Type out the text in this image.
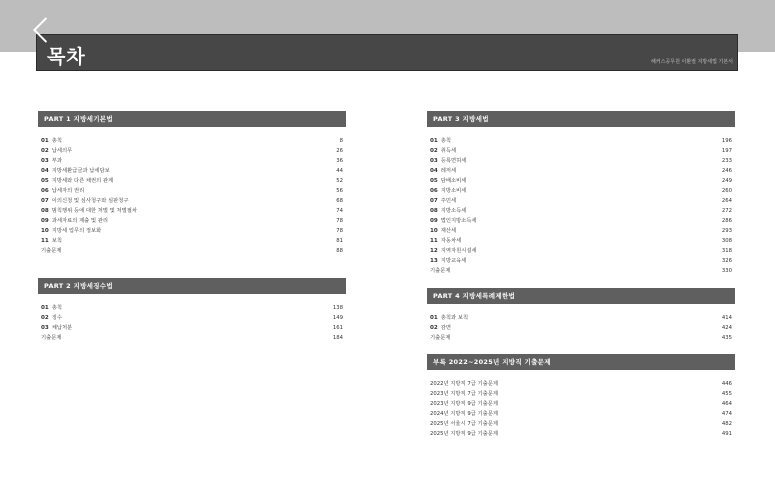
목차	해커스공무원 이환절 지방세법 기본서
PART 1 지방세기본법
01 총칙	8
02 납세의무	26
03 부과	36
04 지방세환급금과 납세담보	44
05 지방세와 다른 채권의 관계	52
06 납세자의 권리	56
07 이의신청 및 심사청구와 심판청구	68
08 범칙행위 등에 대한 처벌 및 처벌절차	74
09 과세자료의 제출 및 관리	78
10 지방세 업무의 정보화	78
11 보칙	81
기출문제	88
PART 2 지방세징수법
01 총칙	138
02 징수	149
03 체납처분	161
기출문제	184
PART 3 지방세법
01 총칙	196
02 취득세	197
03 등록면허세	233
04 레저세	246
05 담배소비세	249
06 지방소비세	260
07 주민세	264
08 지방소득세	272
09 법인지방소득세	286
10 재산세	293
11 자동차세	308
12 지역자원시설세	318
13 지방교육세	326
기출문제	330
PART 4 지방세특례제한법
01 총칙과 보칙	414
02 감면	424
기출문제	435
부록 2022~2025년 지방직 기출문제
2022년 지방직 7급 기출문제	446
2023년 지방직 7급 기출문제	455
2023년 지방직 9급 기출문제	464
2024년 지방직 9급 기출문제	474
2025년 서울시 7급 기출문제	482
2025년 지방직 9급 기출문제	491
